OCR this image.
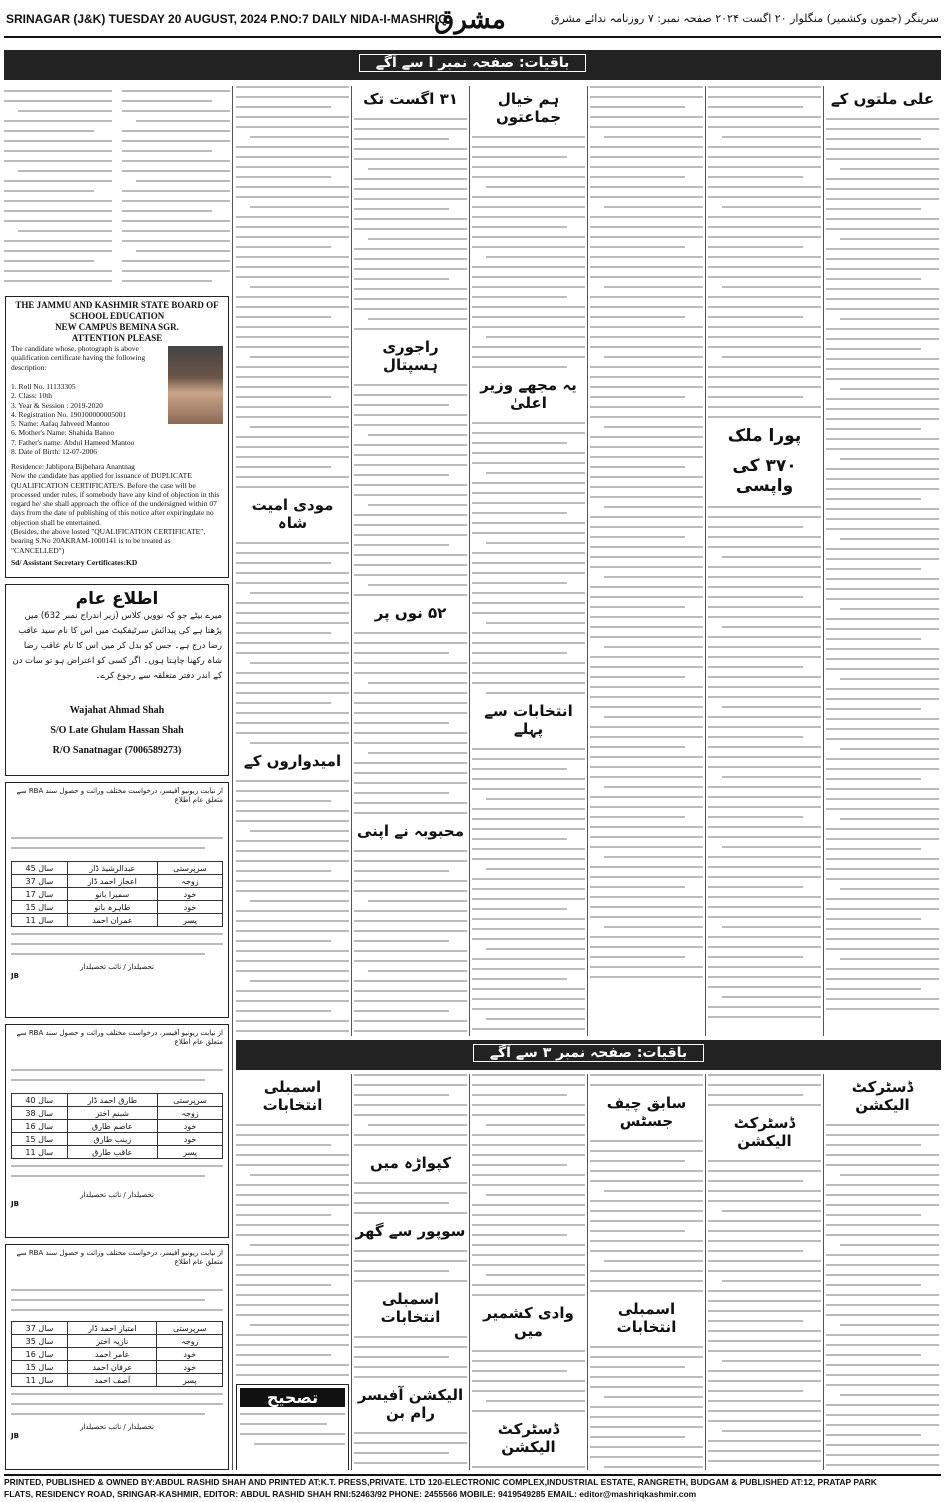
SRINAGAR (J&K) TUESDAY 20 AUGUST, 2024 P.NO:7 DAILY NIDA-I-MASHRIQ
مشرق	سرینگر (جموں وکشمیر) منگلوار ۲۰ اگست ۲۰۲۴ صفحہ نمبر: ۷ روزنامہ ندائے مشرق
باقیات: صفحہ نمبر ا سے آگے
THE JAMMU AND KASHMIR STATE BOARD OF
SCHOOL EDUCATION
NEW CAMPUS BEMINA SGR.
ATTENTION PLEASE
The candidate whose, photograph is above qualification certificate having the following description:
1. Roll No. 11133305
2. Class: 10th
3. Year & Session : 2019-2020
4. Registration No. 190100000005001
5. Name: Aafaq Jahveed Mantoo
6. Mother's Name: Shahida Banoo
7. Father's name: Abdul Hameed Mantoo
8. Date of Birth: 12-07-2006
Residence: Jablipora Bijbehara Anantnag
Now the candidate has applied for issuance of DUPLICATE QUALIFICATION CERTIFICATE/S. Before the case will be processed under rules, if somebody have any kind of objection in this regard he/ she shall approach the office of the undersigned within 07 days from the date of publishing of this notice after expiringdate no objection shall be entertained.
(Besides, the above losted "QUALIFICATION CERTIFICATE", bearing S.No 20AKRAM-1000141 is to be treated as "CANCELLED")
Sd/ Assistant Secretary Certificates:KD
اطلاع عام
میرے بیٹے جو کہ نوویں کلاس (زیر اندراج نمبر 632) میں پڑھتا ہے کی پیدائش سرٹیفکیٹ میں اس کا نام سید عاقب رضا درج ہے۔ جس کو بدل کر میں اس کا نام عاقب رضا شاہ رکھنا چاہتا ہوں۔ اگر کسی کو اعتراض ہو تو سات دن کے اندر دفتر متعلقہ سے رجوع کرے۔
Wajahat Ahmad Shah
S/O Late Ghulam Hassan Shah
R/O Sanatnagar (7006589273)
از نیابت ریونیو آفیسر، درخواست مختلف وراثت و حصول سند RBA سے متعلق عام اطلاع
45 سال	عبدالرشید ڈار	سرپرستی
37 سال	اعجاز احمد ڈار	زوجہ
17 سال	سمیرا بانو	خود
15 سال	طاہرہ بانو	خود
11 سال	عمران احمد	پسر
تحصیلدار / نائب تحصیلدار
JB
از نیابت ریونیو آفیسر، درخواست مختلف وراثت و حصول سند RBA سے متعلق عام اطلاع
40 سال	طارق احمد ڈار	سرپرستی
38 سال	شبنم اختر	زوجہ
16 سال	عاصم طارق	خود
15 سال	زینب طارق	خود
11 سال	عاقب طارق	پسر
تحصیلدار / نائب تحصیلدار
JB
از نیابت ریونیو آفیسر، درخواست مختلف وراثت و حصول سند RBA سے متعلق عام اطلاع
37 سال	امتیاز احمد ڈار	سرپرستی
35 سال	نازیہ اختر	زوجہ
16 سال	عامر احمد	خود
15 سال	عرفان احمد	خود
11 سال	آصف احمد	پسر
تحصیلدار / نائب تحصیلدار
JB
علی ملتوں کے
پورا ملک
۳۷۰ کی واپسی
ہم خیال جماعتوں
یہ مجھے وزیر اعلیٰ
انتخابات سے پہلے
۳۱ اگست تک
راجوری ہسپتال
۵۲ نوں پر
محبوبہ نے اپنی
مودی امیت شاہ
امیدواروں کے
باقیات: صفحہ نمبر ۳ سے آگے
ڈسٹرکٹ الیکشن
ڈسٹرکٹ الیکشن
سابق چیف جسٹس
اسمبلی انتخابات
وادی کشمیر میں
ڈسٹرکٹ الیکشن
کپواڑہ میں
سوپور سے گھر
اسمبلی انتخابات
الیکشن آفیسر رام بن
اسمبلی انتخابات
تصحیح
PRINTED, PUBLISHED & OWNED BY:ABDUL RASHID SHAH AND PRINTED AT:K.T. PRESS,PRIVATE. LTD 120-ELECTRONIC COMPLEX,INDUSTRIAL ESTATE, RANGRETH, BUDGAM & PUBLISHED AT:12, PRATAP PARK
FLATS, RESIDENCY ROAD, SRINGAR-KASHMIR, EDITOR: ABDUL RASHID SHAH RNI:52463/92 PHONE: 2455566 MOBILE: 9419549285 EMAIL: editor@mashriqkashmir.com
